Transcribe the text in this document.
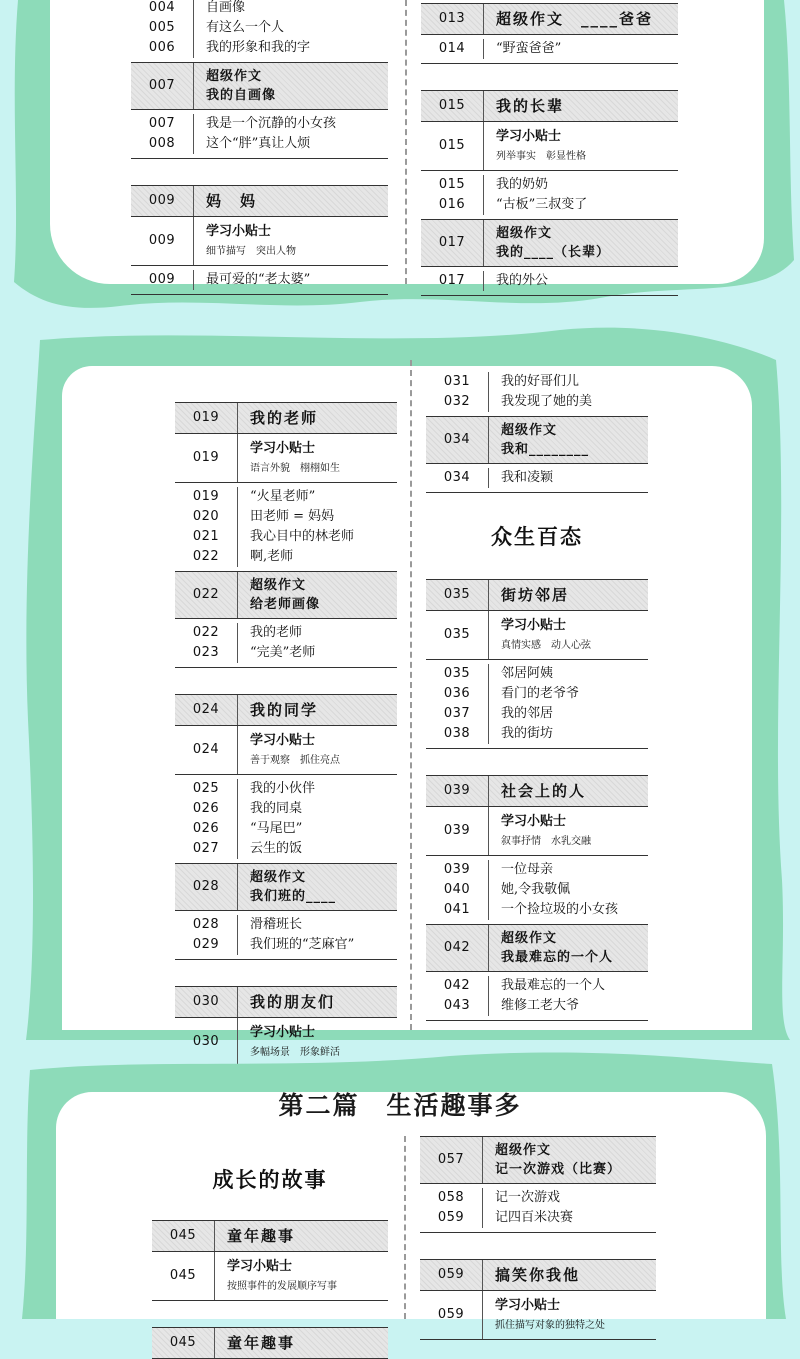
004
005
006
自画像
有这么一个人
我的形象和我的字
007
超级作文
我的自画像
007
008
我是一个沉静的小女孩
这个“胖”真让人烦
009 妈　妈
009
学习小贴士
细节描写　突出人物
009 最可爱的“老太婆”
013 超级作文　____爸爸
014 “野蛮爸爸”
015 我的长辈
015
学习小贴士
列举事实　彰显性格
015
016
我的奶奶
“古板”三叔变了
017
超级作文
我的____（长辈）
017 我的外公
019 我的老师
019
学习小贴士
语言外貌　栩栩如生
019
020
021
022
“火星老师”
田老师 = 妈妈
我心目中的林老师
啊,老师
022
超级作文
给老师画像
022
023
我的老师
“完美”老师
024 我的同学
024
学习小贴士
善于观察　抓住亮点
025
026
026
027
我的小伙伴
我的同桌
“马尾巴”
云生的饭
028
超级作文
我们班的____
028
029
滑稽班长
我们班的“芝麻官”
030 我的朋友们
030
学习小贴士
多幅场景　形象鲜活
031
032
我的好哥们儿
我发现了她的美
034
超级作文
我和________
034 我和凌颖
众生百态
035 街坊邻居
035
学习小贴士
真情实感　动人心弦
035
036
037
038
邻居阿姨
看门的老爷爷
我的邻居
我的街坊
039 社会上的人
039
学习小贴士
叙事抒情　水乳交融
039
040
041
一位母亲
她,令我敬佩
一个捡垃圾的小女孩
042
超级作文
我最难忘的一个人
042
043
我最难忘的一个人
维修工老大爷
第二篇　生活趣事多
成长的故事
045 童年趣事
045
学习小贴士
按照事件的发展顺序写事
045 童年趣事
057
超级作文
记一次游戏（比赛）
058
059
记一次游戏
记四百米决赛
059 搞笑你我他
059
学习小贴士
抓住描写对象的独特之处
